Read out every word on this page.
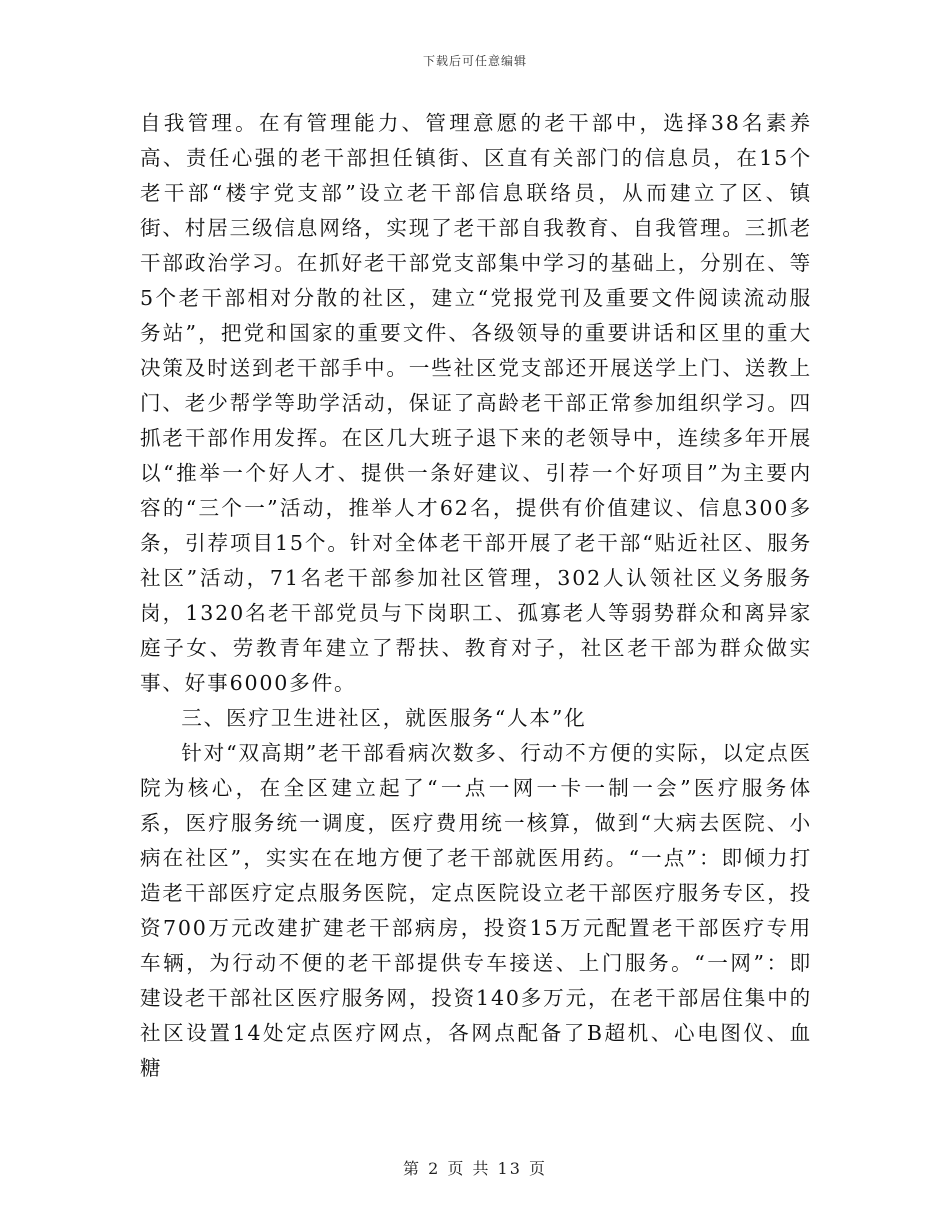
下载后可任意编辑

自我管理。在有管理能力、管理意愿的老干部中，选择38名素养高、责任心强的老干部担任镇街、区直有关部门的信息员，在15个老干部“楼宇党支部”设立老干部信息联络员，从而建立了区、镇街、村居三级信息网络，实现了老干部自我教育、自我管理。三抓老干部政治学习。在抓好老干部党支部集中学习的基础上，分别在、等5个老干部相对分散的社区，建立“党报党刊及重要文件阅读流动服务站”，把党和国家的重要文件、各级领导的重要讲话和区里的重大决策及时送到老干部手中。一些社区党支部还开展送学上门、送教上门、老少帮学等助学活动，保证了高龄老干部正常参加组织学习。四抓老干部作用发挥。在区几大班子退下来的老领导中，连续多年开展以“推举一个好人才、提供一条好建议、引荐一个好项目”为主要内容的“三个一”活动，推举人才62名，提供有价值建议、信息300多条，引荐项目15个。针对全体老干部开展了老干部“贴近社区、服务社区”活动，71名老干部参加社区管理，302人认领社区义务服务岗，1320名老干部党员与下岗职工、孤寡老人等弱势群众和离异家庭子女、劳教青年建立了帮扶、教育对子，社区老干部为群众做实事、好事6000多件。

三、医疗卫生进社区，就医服务“人本”化

针对“双高期”老干部看病次数多、行动不方便的实际，以定点医院为核心，在全区建立起了“一点一网一卡一制一会”医疗服务体系，医疗服务统一调度，医疗费用统一核算，做到“大病去医院、小病在社区”，实实在在地方便了老干部就医用药。“一点”：即倾力打造老干部医疗定点服务医院，定点医院设立老干部医疗服务专区，投资700万元改建扩建老干部病房，投资15万元配置老干部医疗专用车辆，为行动不便的老干部提供专车接送、上门服务。“一网”：即建设老干部社区医疗服务网，投资140多万元，在老干部居住集中的社区设置14处定点医疗网点，各网点配备了B超机、心电图仪、血糖

第 2 页 共 13 页
